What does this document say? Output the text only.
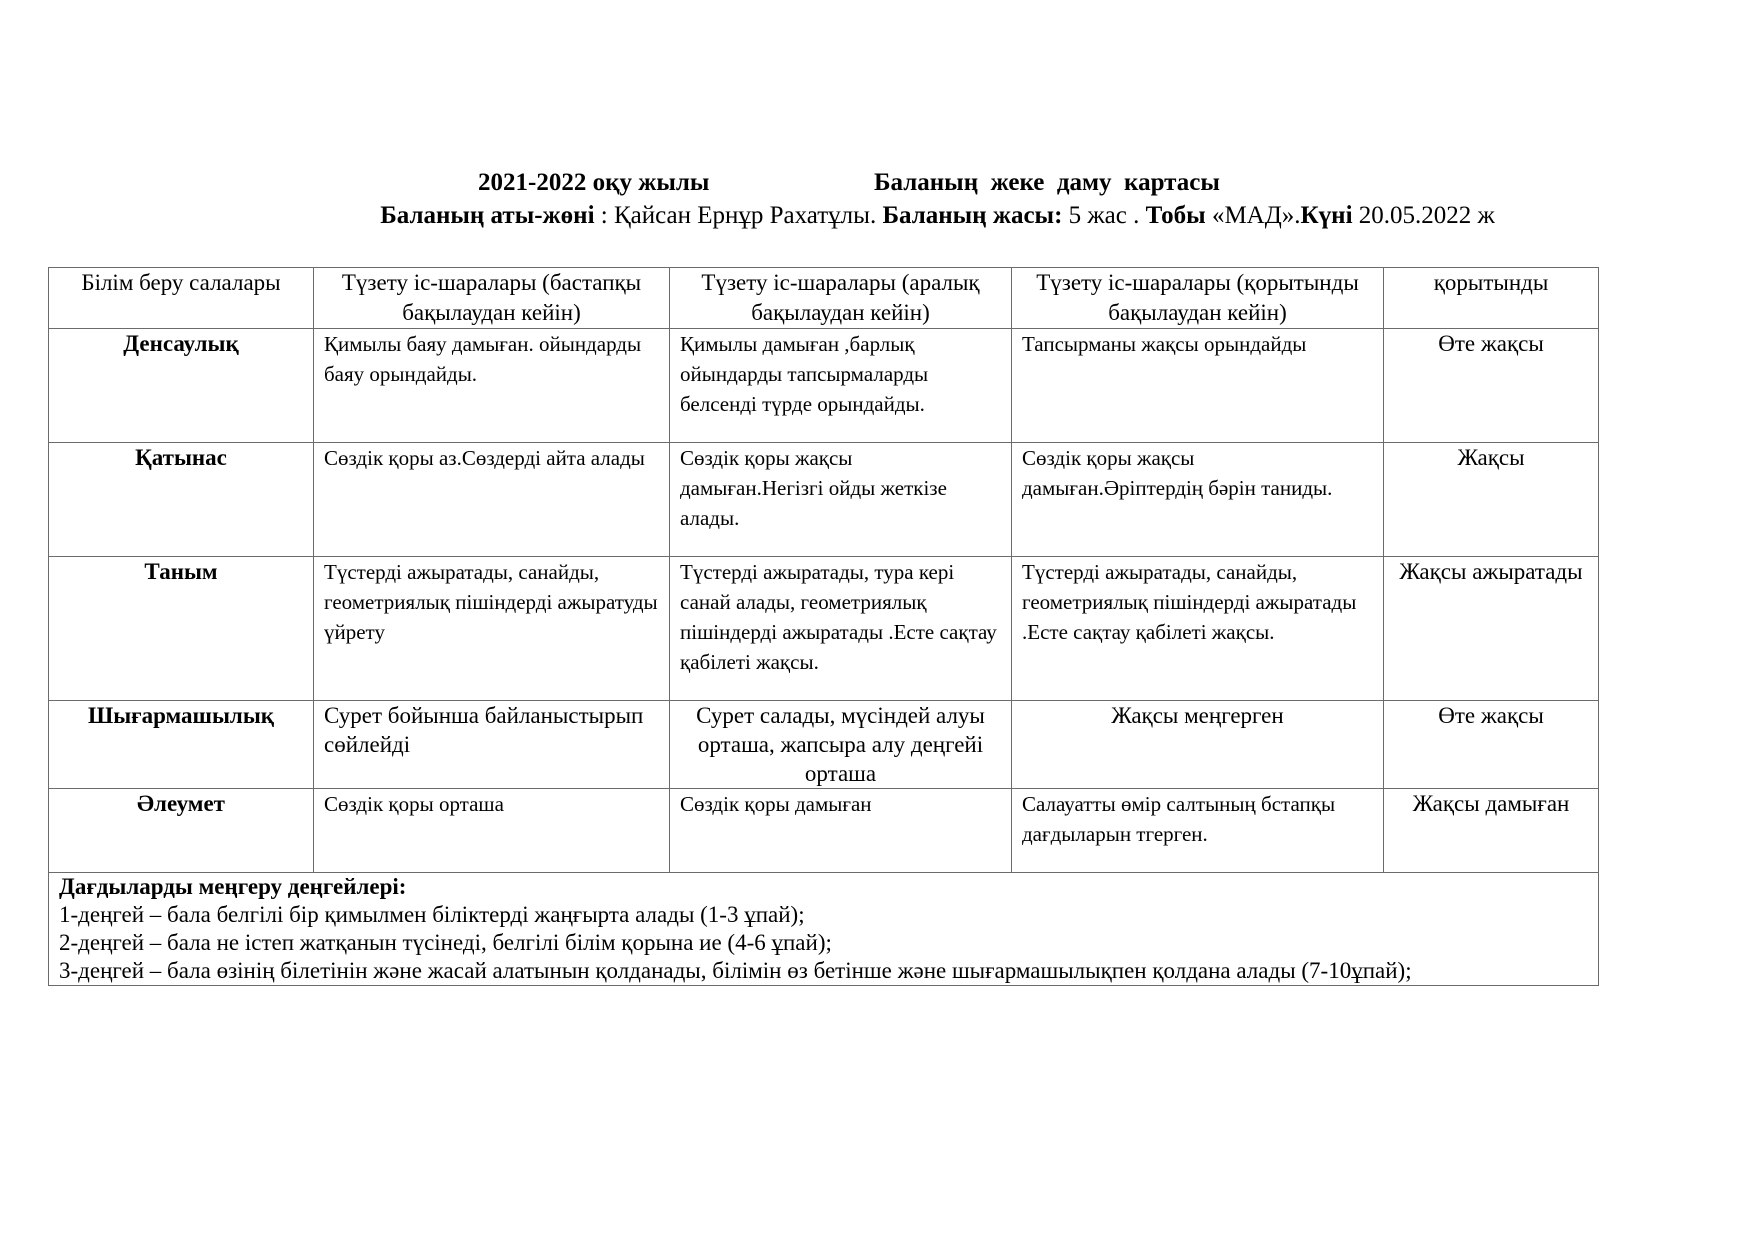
2021-2022 оқу жылы	Баланың  жеке  даму  картасы
Баланың аты-жөні : Қайсан Ернұр Рахатұлы. Баланың жасы: 5 жас . Тобы «МАД».Күні 20.05.2022 ж
Білім беру салалары	Түзету іс-шаралары (бастапқы бақылаудан кейін)	Түзету іс-шаралары (аралық бақылаудан кейін)	Түзету іс-шаралары (қорытынды бақылаудан кейін)	қорытынды
Денсаулық	Қимылы баяу дамыған. ойындарды баяу орындайды.	Қимылы дамыған ,барлық ойындарды тапсырмаларды белсенді түрде орындайды.	Тапсырманы жақсы орындайды	Өте жақсы
Қатынас	Сөздік қоры аз.Сөздерді айта алады	Сөздік қоры жақсы дамыған.Негізгі ойды жеткізе алады.	Сөздік қоры жақсы дамыған.Әріптердің бәрін таниды.	Жақсы
Таным	Түстерді ажыратады, санайды, геометриялық пішіндерді ажыратуды үйрету	Түстерді ажыратады, тура кері санай алады, геометриялық пішіндерді ажыратады .Есте сақтау қабілеті жақсы.	Түстерді ажыратады, санайды, геометриялық пішіндерді ажыратады .Есте сақтау қабілеті жақсы.	Жақсы ажыратады
Шығармашылық	Сурет бойынша байланыстырып сөйлейді	Сурет салады, мүсіндей алуы орташа, жапсыра алу деңгейі орташа	Жақсы меңгерген	Өте жақсы
Әлеумет	Сөздік қоры орташа	Сөздік қоры дамыған	Салауатты өмір салтының бстапқы дағдыларын тгерген.	Жақсы дамыған

Дағдыларды меңгеру деңгейлері:
1-деңгей – бала белгілі бір қимылмен біліктерді жаңғырта алады (1-3 ұпай);
2-деңгей – бала не істеп жатқанын түсінеді, белгілі білім қорына ие (4-6 ұпай);
3-деңгей – бала өзінің білетінін және жасай алатынын қолданады, білімін өз бетінше және шығармашылықпен қолдана алады (7-10ұпай);				
